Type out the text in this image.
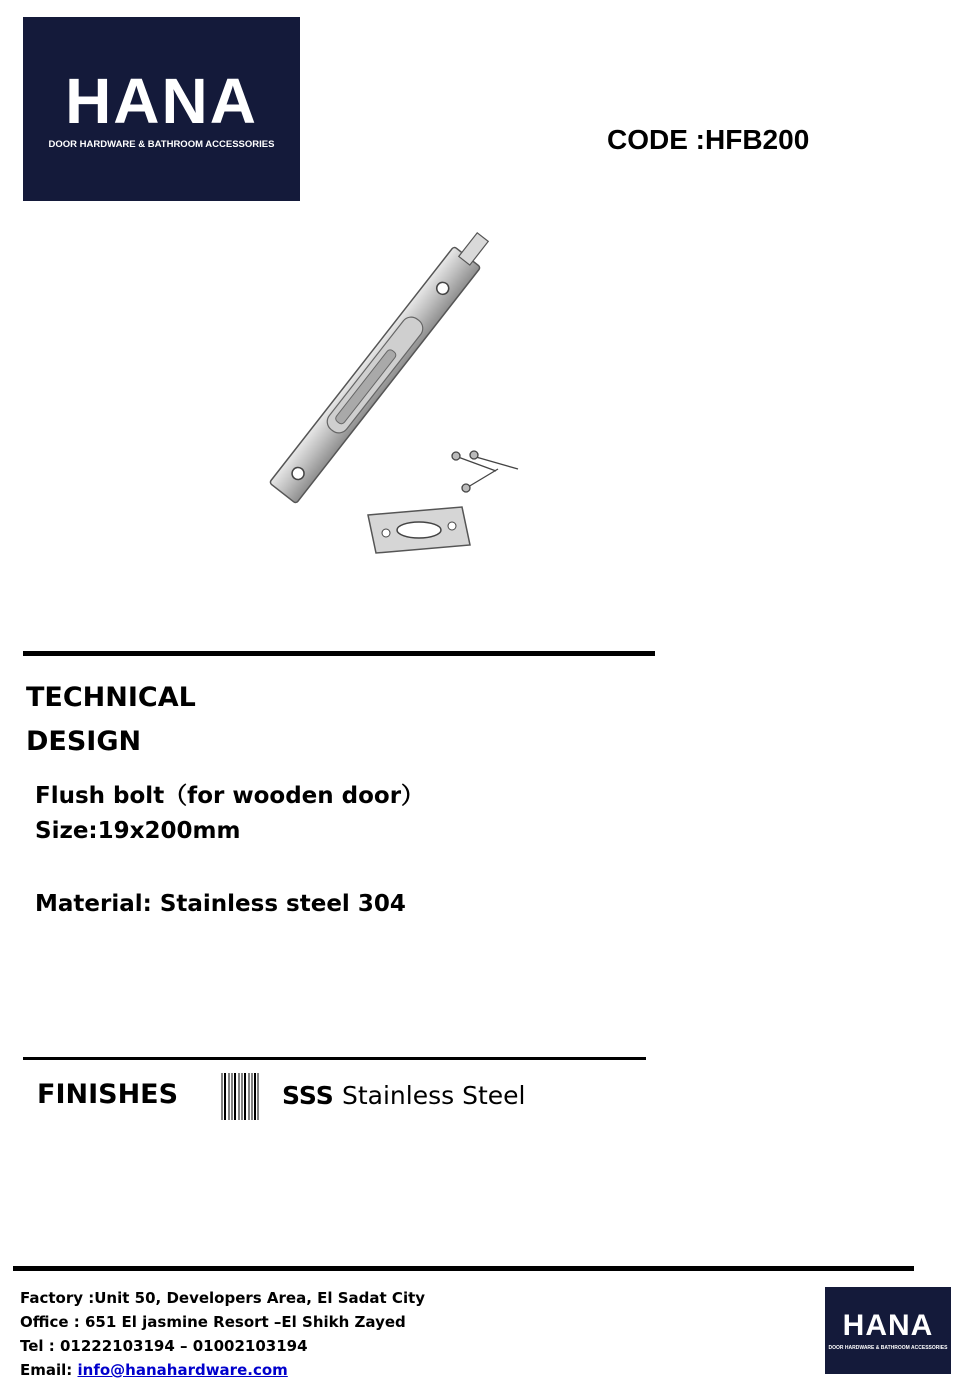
HANA
DOOR HARDWARE & BATHROOM ACCESSORIES	CODE :HFB200
TECHNICAL
DESIGN
Flush bolt（for wooden door）
Size:19x200mm
Material: Stainless steel 304
FINISHES	SSS Stainless Steel
Factory :Unit 50, Developers Area, El Sadat City
Office : 651 El jasmine Resort –El Shikh Zayed
Tel : 01222103194 – 01002103194
Email: info@hanahardware.com
HANA
DOOR HARDWARE & BATHROOM ACCESSORIES
